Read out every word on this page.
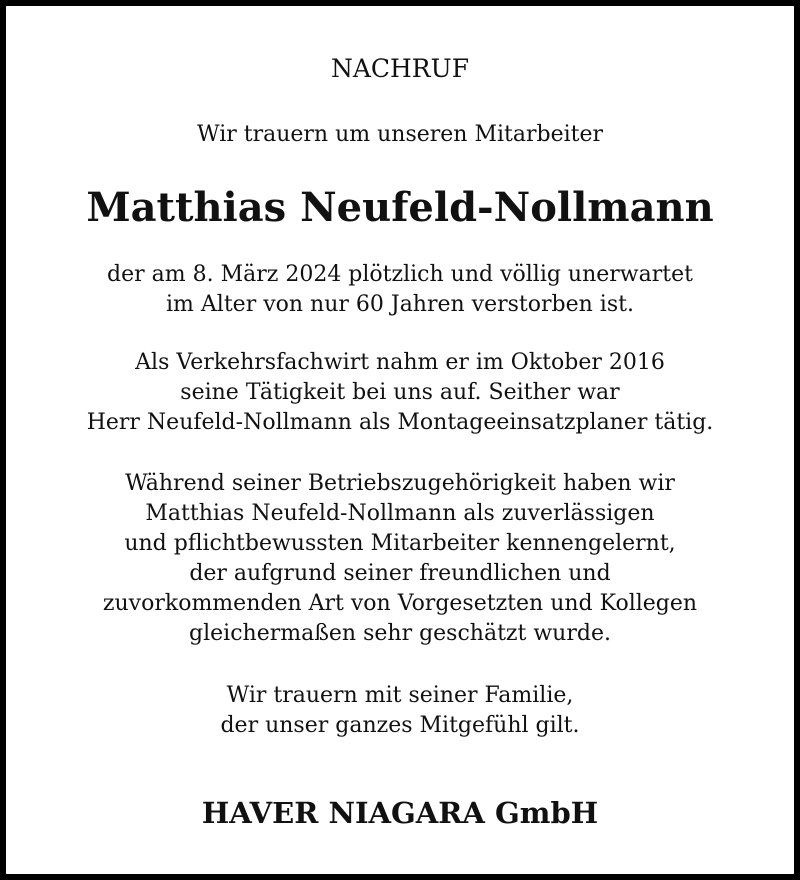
NACHRUF
Wir trauern um unseren Mitarbeiter
Matthias Neufeld-Nollmann
der am 8. März 2024 plötzlich und völlig unerwartet
im Alter von nur 60 Jahren verstorben ist.
Als Verkehrsfachwirt nahm er im Oktober 2016
seine Tätigkeit bei uns auf. Seither war
Herr Neufeld-Nollmann als Montageeinsatzplaner tätig.
Während seiner Betriebszugehörigkeit haben wir
Matthias Neufeld-Nollmann als zuverlässigen
und pflichtbewussten Mitarbeiter kennengelernt,
der aufgrund seiner freundlichen und
zuvorkommenden Art von Vorgesetzten und Kollegen
gleichermaßen sehr geschätzt wurde.
Wir trauern mit seiner Familie,
der unser ganzes Mitgefühl gilt.
HAVER NIAGARA GmbH
